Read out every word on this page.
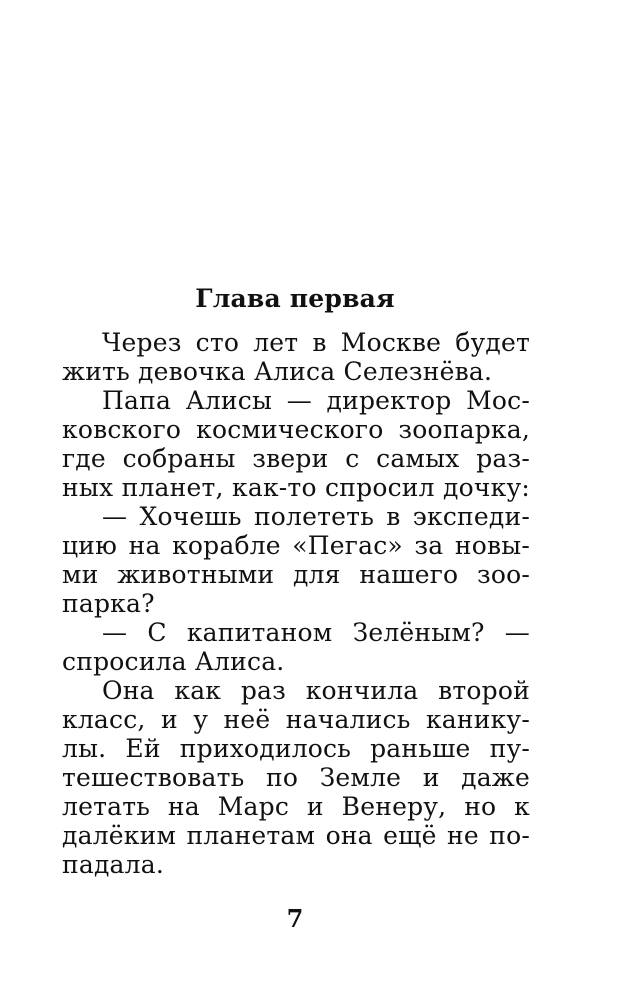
Глава первая
Через сто лет в Москве будет
жить девочка Алиса Селезнёва.
Папа Алисы — директор Мос-
ковского космического зоопарка,
где собраны звери с самых раз-
ных планет, как-то спросил дочку:
— Хочешь полететь в экспеди-
цию на корабле «Пегас» за новы-
ми животными для нашего зоо-
парка?
— С капитаном Зелёным? —
спросила Алиса.
Она как раз кончила второй
класс, и у неё начались канику-
лы. Ей приходилось раньше пу-
тешествовать по Земле и даже
летать на Марс и Венеру, но к
далёким планетам она ещё не по-
падала.
7
